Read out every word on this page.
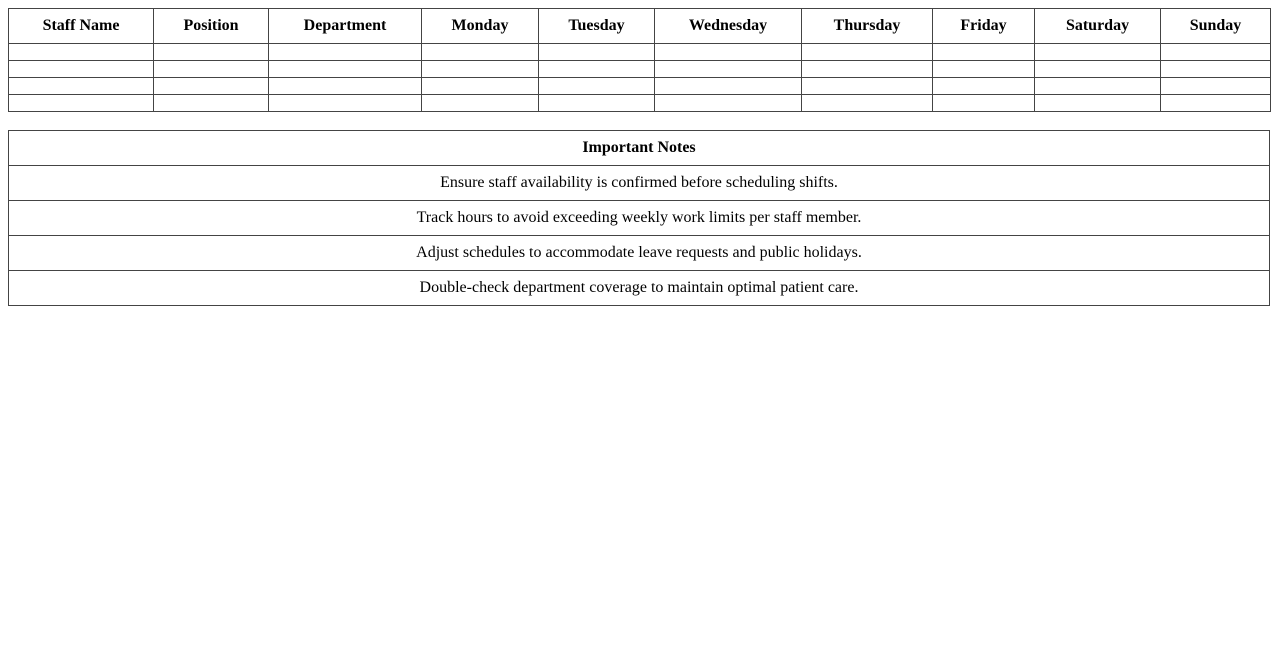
Staff Name	Position	Department	Monday	Tuesday	Wednesday	Thursday	Friday	Saturday	Sunday

Important Notes
Ensure staff availability is confirmed before scheduling shifts.
Track hours to avoid exceeding weekly work limits per staff member.
Adjust schedules to accommodate leave requests and public holidays.
Double-check department coverage to maintain optimal patient care.
